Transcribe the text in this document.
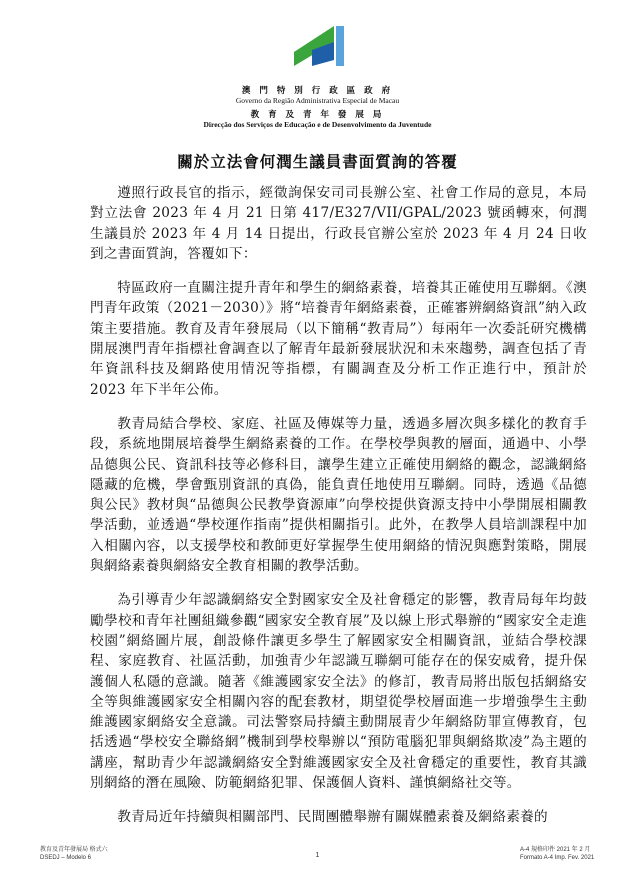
澳 門 特 別 行 政 區 政 府
Governo da Região Administrativa Especial de Macau
教 育 及 青 年 發 展 局
Direcção dos Serviços de Educação e de Desenvolvimento da Juventude
關於立法會何潤生議員書面質詢的答覆

遵照行政長官的指示，經徵詢保安司司長辦公室、社會工作局的意見，本局對立法會 2023 年 4 月 21 日第 417/E327/VII/GPAL/2023 號函轉來，何潤生議員於 2023 年 4 月 14 日提出，行政長官辦公室於 2023 年 4 月 24 日收到之書面質詢，答覆如下：

特區政府一直關注提升青年和學生的網絡素養，培養其正確使用互聯網。《澳門青年政策（2021－2030）》將“培養青年網絡素養，正確審辨網絡資訊”納入政策主要措施。教育及青年發展局（以下簡稱“教青局”）每兩年一次委託研究機構開展澳門青年指標社會調查以了解青年最新發展狀況和未來趨勢，調查包括了青年資訊科技及網路使用情況等指標，有關調查及分析工作正進行中，預計於 2023 年下半年公佈。

教青局結合學校、家庭、社區及傳媒等力量，透過多層次與多樣化的教育手段，系統地開展培養學生網絡素養的工作。在學校學與教的層面，通過中、小學品德與公民、資訊科技等必修科目，讓學生建立正確使用網絡的觀念，認識網絡隱藏的危機，學會甄別資訊的真偽，能負責任地使用互聯網。同時，透過《品德與公民》教材與“品德與公民教學資源庫”向學校提供資源支持中小學開展相關教學活動，並透過“學校運作指南”提供相關指引。此外，在教學人員培訓課程中加入相關內容，以支援學校和教師更好掌握學生使用網絡的情況與應對策略，開展與網絡素養與網絡安全教育相關的教學活動。

為引導青少年認識網絡安全對國家安全及社會穩定的影響，教青局每年均鼓勵學校和青年社團組織參觀“國家安全教育展”及以線上形式舉辦的“國家安全走進校園”網絡圖片展，創設條件讓更多學生了解國家安全相關資訊，並結合學校課程、家庭教育、社區活動，加強青少年認識互聯網可能存在的保安威脅，提升保護個人私隱的意識。隨著《維護國家安全法》的修訂，教青局將出版包括網絡安全等與維護國家安全相關內容的配套教材，期望從學校層面進一步增強學生主動維護國家網絡安全意識。司法警察局持續主動開展青少年網絡防罪宣傳教育，包括透過“學校安全聯絡網”機制到學校舉辦以“預防電腦犯罪與網絡欺凌”為主題的講座，幫助青少年認識網絡安全對維護國家安全及社會穩定的重要性，教育其識別網絡的潛在風險、防範網絡犯罪、保護個人資料、謹慎網絡社交等。

教青局近年持續與相關部門、民間團體舉辦有關媒體素養及網絡素養的

教育及青年發展局 格式六
DSEDJ – Modelo 6	1
A-4 規格印件 2021 年 2 月
Formato A-4 Imp. Fev. 2021
